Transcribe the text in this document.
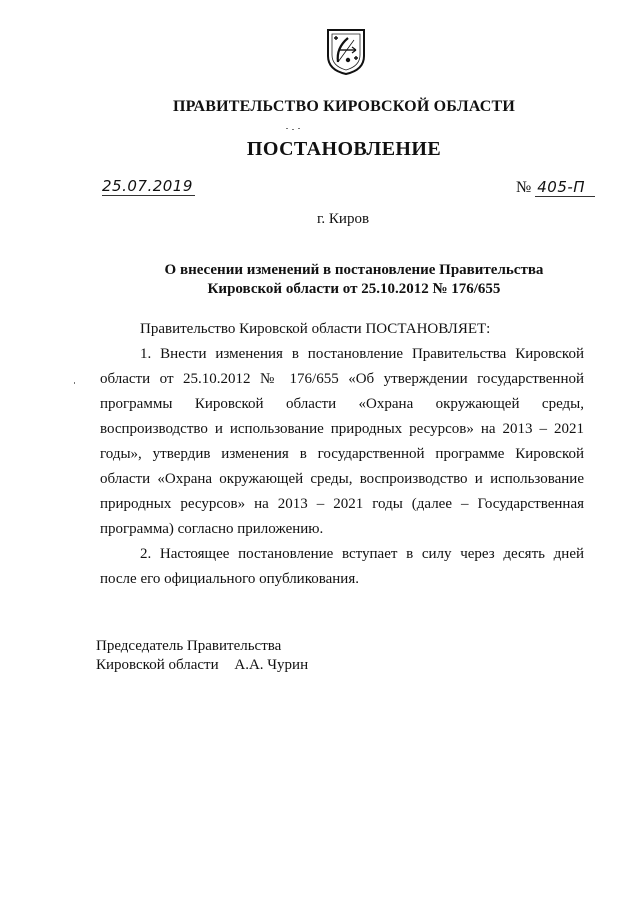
ПРАВИТЕЛЬСТВО КИРОВСКОЙ ОБЛАСТИ
ПОСТАНОВЛЕНИЕ
25.07.2019	№ 405-П
г. Киров
О внесении изменений в постановление Правительства
Кировской области от 25.10.2012 № 176/655

Правительство Кировской области ПОСТАНОВЛЯЕТ:

1. Внести изменения в постановление Правительства Кировской области от 25.10.2012 № 176/655 «Об утверждении государственной программы Кировской области «Охрана окружающей среды, воспроизводство и использование природных ресурсов» на 2013 – 2021 годы», утвердив изменения в государственной программе Кировской области «Охрана окружающей среды, воспроизводство и использование природных ресурсов» на 2013 – 2021 годы (далее – Государственная программа) согласно приложению.

2. Настоящее постановление вступает в силу через десять дней после его официального опубликования.

Председатель Правительства
Кировской области А.А. Чурин
